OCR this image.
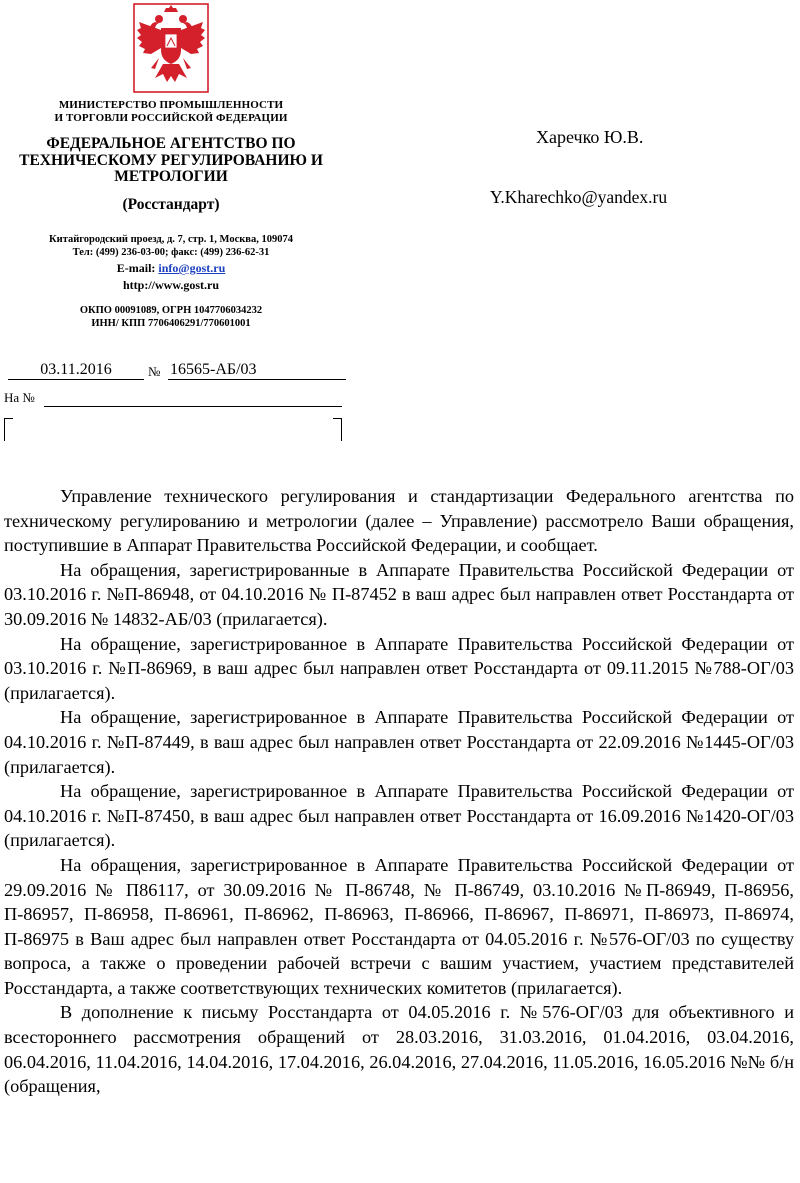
МИНИСТЕРСТВО ПРОМЫШЛЕННОСТИ
И ТОРГОВЛИ РОССИЙСКОЙ ФЕДЕРАЦИИ
ФЕДЕРАЛЬНОЕ АГЕНТСТВО ПО
ТЕХНИЧЕСКОМУ РЕГУЛИРОВАНИЮ И
МЕТРОЛОГИИ
(Росстандарт)
Китайгородский проезд, д. 7, стр. 1, Москва, 109074
Тел: (499) 236-03-00; факс: (499) 236-62-31
E-mail: info@gost.ru
http://www.gost.ru
ОКПО 00091089, ОГРН 1047706034232
ИНН/ КПП 7706406291/770601001
Харечко Ю.В.
Y.Kharechko@yandex.ru
03.11.2016	№ 16565-АБ/03
На №

Управление технического регулирования и стандартизации Федерального агентства по техническому регулированию и метрологии (далее – Управление) рассмотрело Ваши обращения, поступившие в Аппарат Правительства Российской Федерации, и сообщает.

На обращения, зарегистрированные в Аппарате Правительства Российской Федерации от 03.10.2016 г. №П-86948, от 04.10.2016 № П-87452 в ваш адрес был направлен ответ Росстандарта от 30.09.2016 № 14832-АБ/03 (прилагается).

На обращение, зарегистрированное в Аппарате Правительства Российской Федерации от 03.10.2016 г. №П-86969, в ваш адрес был направлен ответ Росстандарта от 09.11.2015 №788-ОГ/03 (прилагается).

На обращение, зарегистрированное в Аппарате Правительства Российской Федерации от 04.10.2016 г. №П-87449, в ваш адрес был направлен ответ Росстандарта от 22.09.2016 №1445-ОГ/03 (прилагается).

На обращение, зарегистрированное в Аппарате Правительства Российской Федерации от 04.10.2016 г. №П-87450, в ваш адрес был направлен ответ Росстандарта от 16.09.2016 №1420-ОГ/03 (прилагается).

На обращения, зарегистрированное в Аппарате Правительства Российской Федерации от 29.09.2016 № П86117, от 30.09.2016 № П-86748, № П-86749, 03.10.2016 №П-86949, П-86956, П-86957, П-86958, П-86961, П-86962, П-86963, П-86966, П-86967, П-86971, П-86973, П-86974, П-86975 в Ваш адрес был направлен ответ Росстандарта от 04.05.2016 г. №576-ОГ/03 по существу вопроса, а также о проведении рабочей встречи с вашим участием, участием представителей Росстандарта, а также соответствующих технических комитетов (прилагается).

В дополнение к письму Росстандарта от 04.05.2016 г. №576-ОГ/03 для объективного и всестороннего рассмотрения обращений от 28.03.2016, 31.03.2016, 01.04.2016, 03.04.2016, 06.04.2016, 11.04.2016, 14.04.2016, 17.04.2016, 26.04.2016, 27.04.2016, 11.05.2016, 16.05.2016 №№ б/н (обращения,
